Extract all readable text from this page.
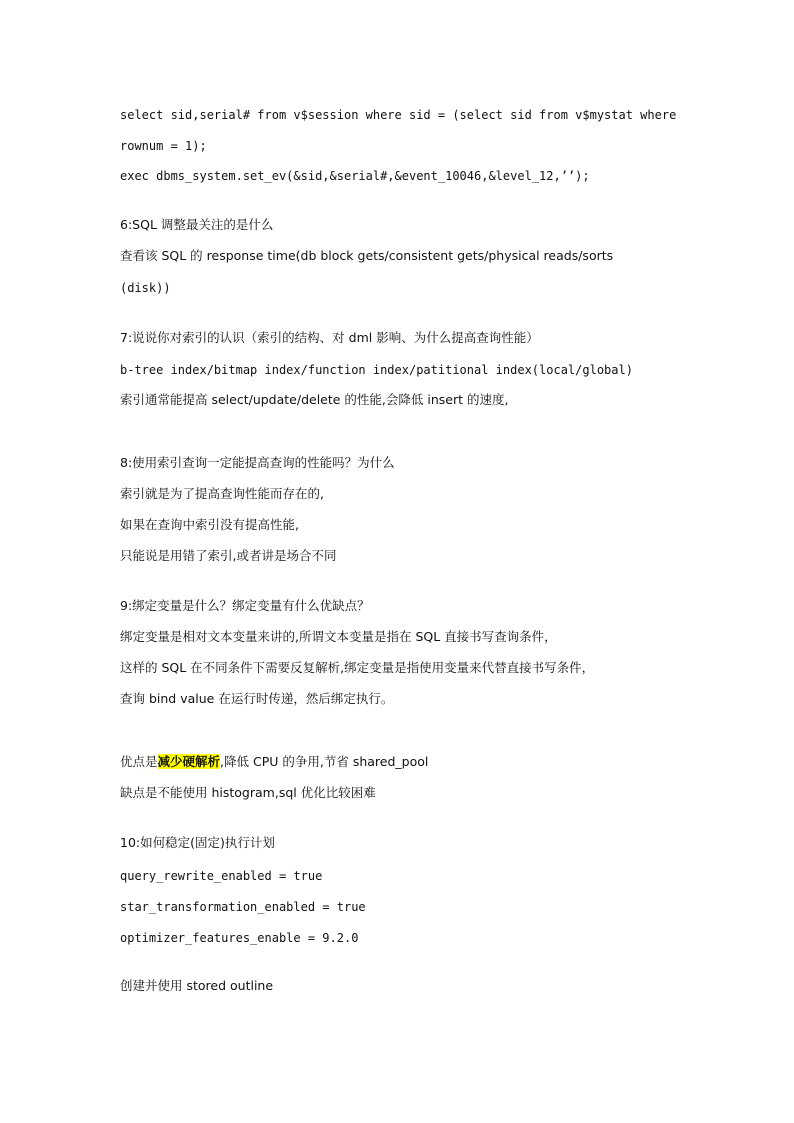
select sid,serial# from v$session where sid = (select sid from v$mystat where

rownum = 1);

exec dbms_system.set_ev(&sid,&serial#,&event_10046,&level_12,’’);

6:SQL 调整最关注的是什么

查看该 SQL 的 response time(db block gets/consistent gets/physical reads/sorts

(disk))

7:说说你对索引的认识（索引的结构、对 dml 影响、为什么提高查询性能）

b-tree index/bitmap index/function index/patitional index(local/global)

索引通常能提高 select/update/delete 的性能,会降低 insert 的速度,

8:使用索引查询一定能提高查询的性能吗？为什么

索引就是为了提高查询性能而存在的,

如果在查询中索引没有提高性能,

只能说是用错了索引,或者讲是场合不同

9:绑定变量是什么？绑定变量有什么优缺点？

绑定变量是相对文本变量来讲的,所谓文本变量是指在 SQL 直接书写查询条件，

这样的 SQL 在不同条件下需要反复解析,绑定变量是指使用变量来代替直接书写条件，

查询 bind value 在运行时传递，然后绑定执行。

优点是减少硬解析,降低 CPU 的争用,节省 shared_pool

缺点是不能使用 histogram,sql 优化比较困难

10:如何稳定(固定)执行计划

query_rewrite_enabled = true

star_transformation_enabled = true

optimizer_features_enable = 9.2.0

创建并使用 stored outline
